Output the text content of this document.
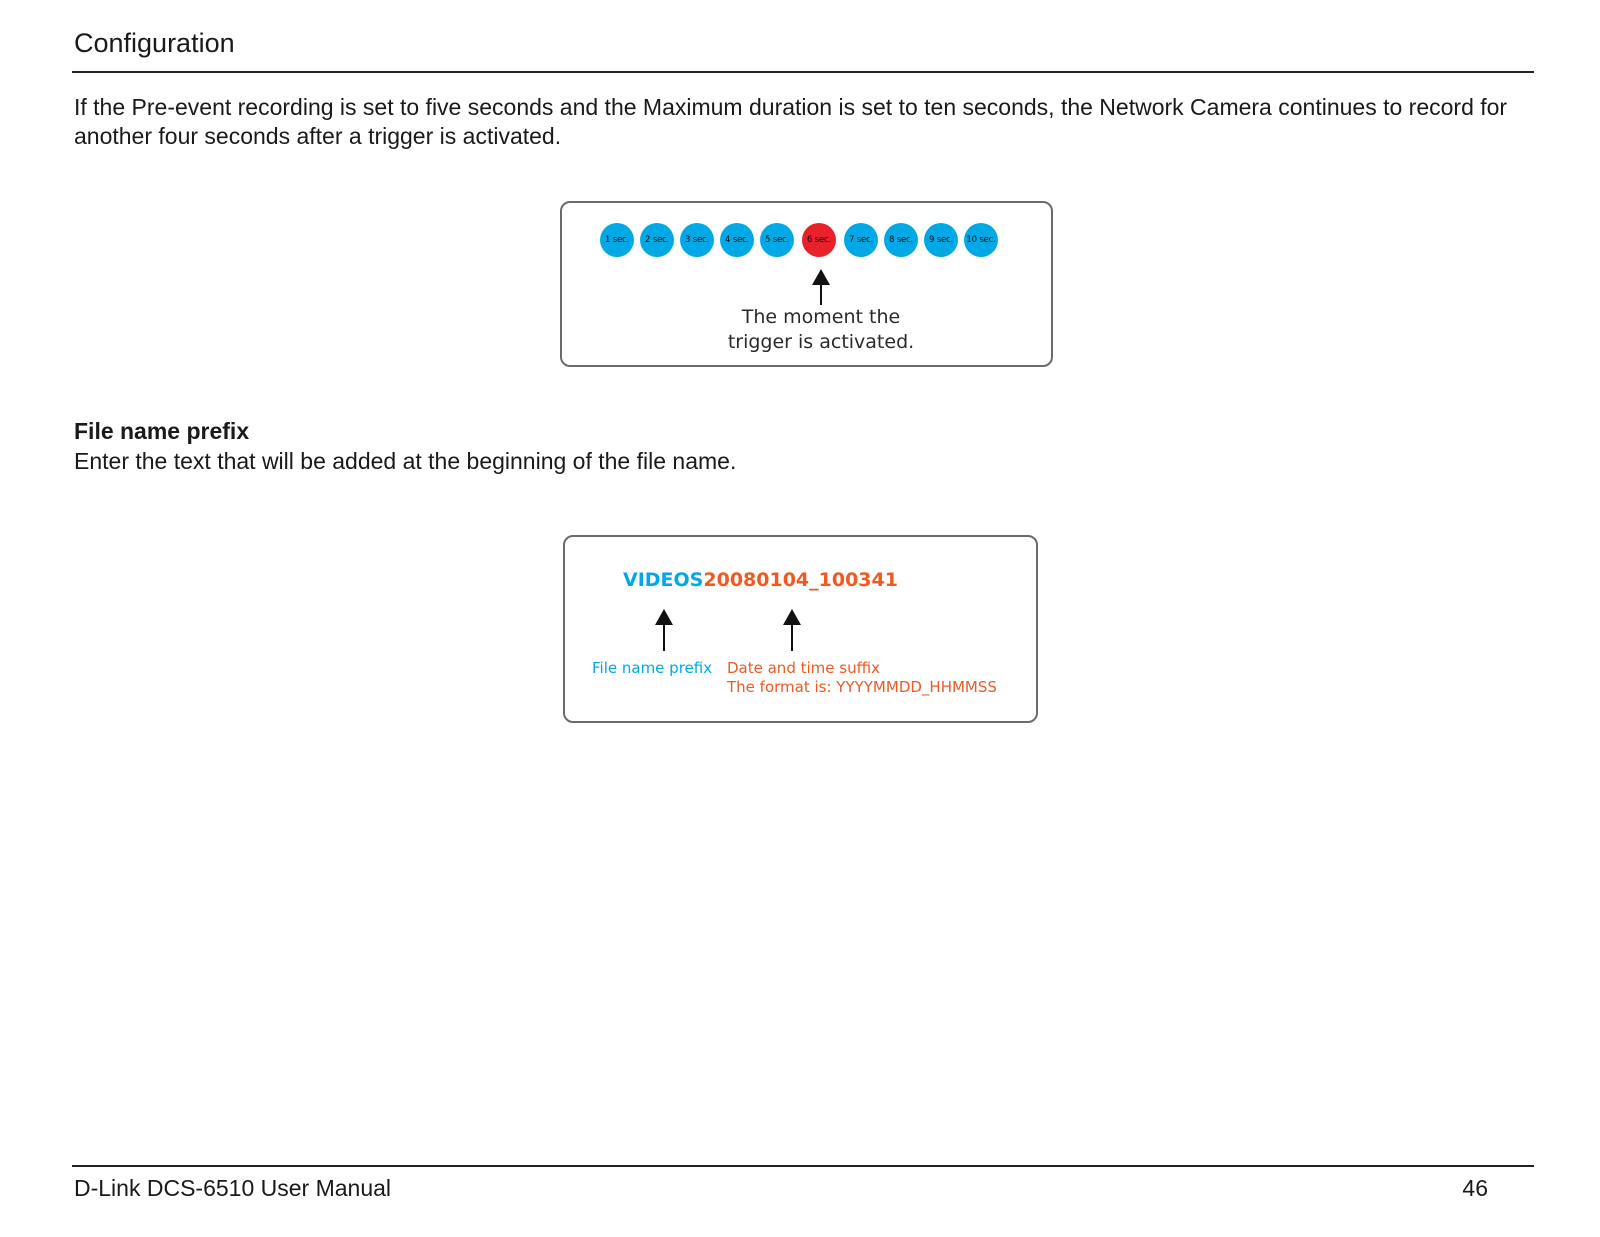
Configuration

If the Pre-event recording is set to five seconds and the Maximum duration is set to ten seconds, the Network Camera continues to record for another four seconds after a trigger is activated.

1 sec.	2 sec.	3 sec.	4 sec.	5 sec.	6 sec.	7 sec.	8 sec.	9 sec.	10 sec.
The moment the
trigger is activated.
File name prefix
Enter the text that will be added at the beginning of the file name.
VIDEOS20080104_100341
File name prefix Date and time suffix
The format is: YYYYMMDD_HHMMSS
D-Link DCS-6510 User Manual	46
